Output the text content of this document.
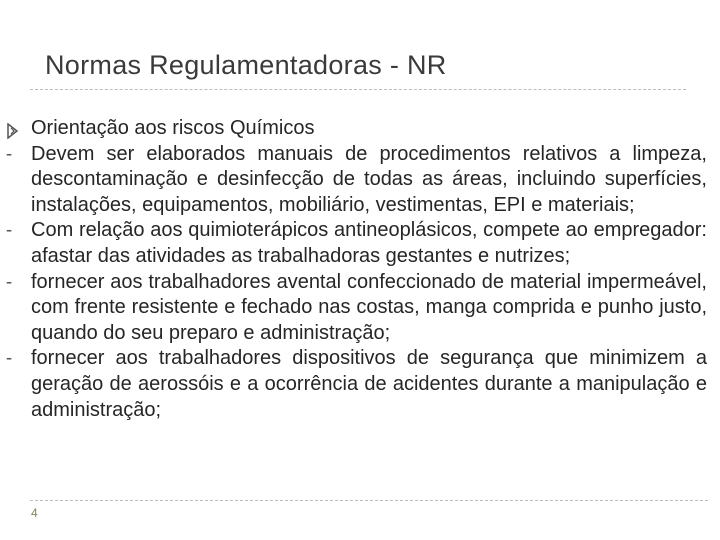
Normas Regulamentadoras - NR
Orientação aos riscos Químicos
- Devem ser elaborados manuais de procedimentos relativos a limpeza, descontaminação e desinfecção de todas as áreas, incluindo superfícies, instalações, equipamentos, mobiliário, vestimentas, EPI e materiais;
- Com relação aos quimioterápicos antineoplásicos, compete ao empregador: afastar das atividades as trabalhadoras gestantes e nutrizes;
- fornecer aos trabalhadores avental confeccionado de material impermeável, com frente resistente e fechado nas costas, manga comprida e punho justo, quando do seu preparo e administração;
- fornecer aos trabalhadores dispositivos de segurança que minimizem a geração de aerossóis e a ocorrência de acidentes durante a manipulação e administração;
4
